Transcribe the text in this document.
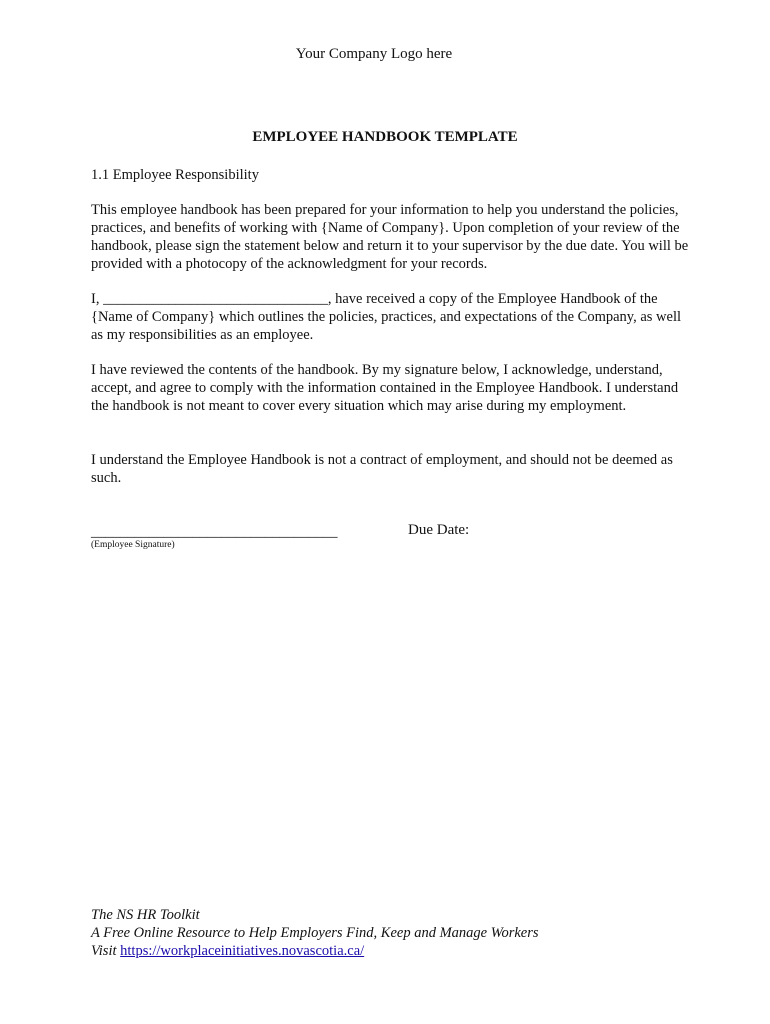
Your Company Logo here
EMPLOYEE HANDBOOK TEMPLATE
1.1 Employee Responsibility
This employee handbook has been prepared for your information to help you understand the policies, practices, and benefits of working with {Name of Company}. Upon completion of your review of the handbook, please sign the statement below and return it to your supervisor by the due date. You will be provided with a photocopy of the acknowledgment for your records.
I, _______________________________, have received a copy of the Employee Handbook of the {Name of Company} which outlines the policies, practices, and expectations of the Company, as well as my responsibilities as an employee.
I have reviewed the contents of the handbook. By my signature below, I acknowledge, understand, accept, and agree to comply with the information contained in the Employee Handbook. I understand the handbook is not meant to cover every situation which may arise during my employment.
I understand the Employee Handbook is not a contract of employment, and should not be deemed as such.
__________________________________
(Employee Signature)
Due Date:
The NS HR Toolkit
A Free Online Resource to Help Employers Find, Keep and Manage Workers
Visit https://workplaceinitiatives.novascotia.ca/
